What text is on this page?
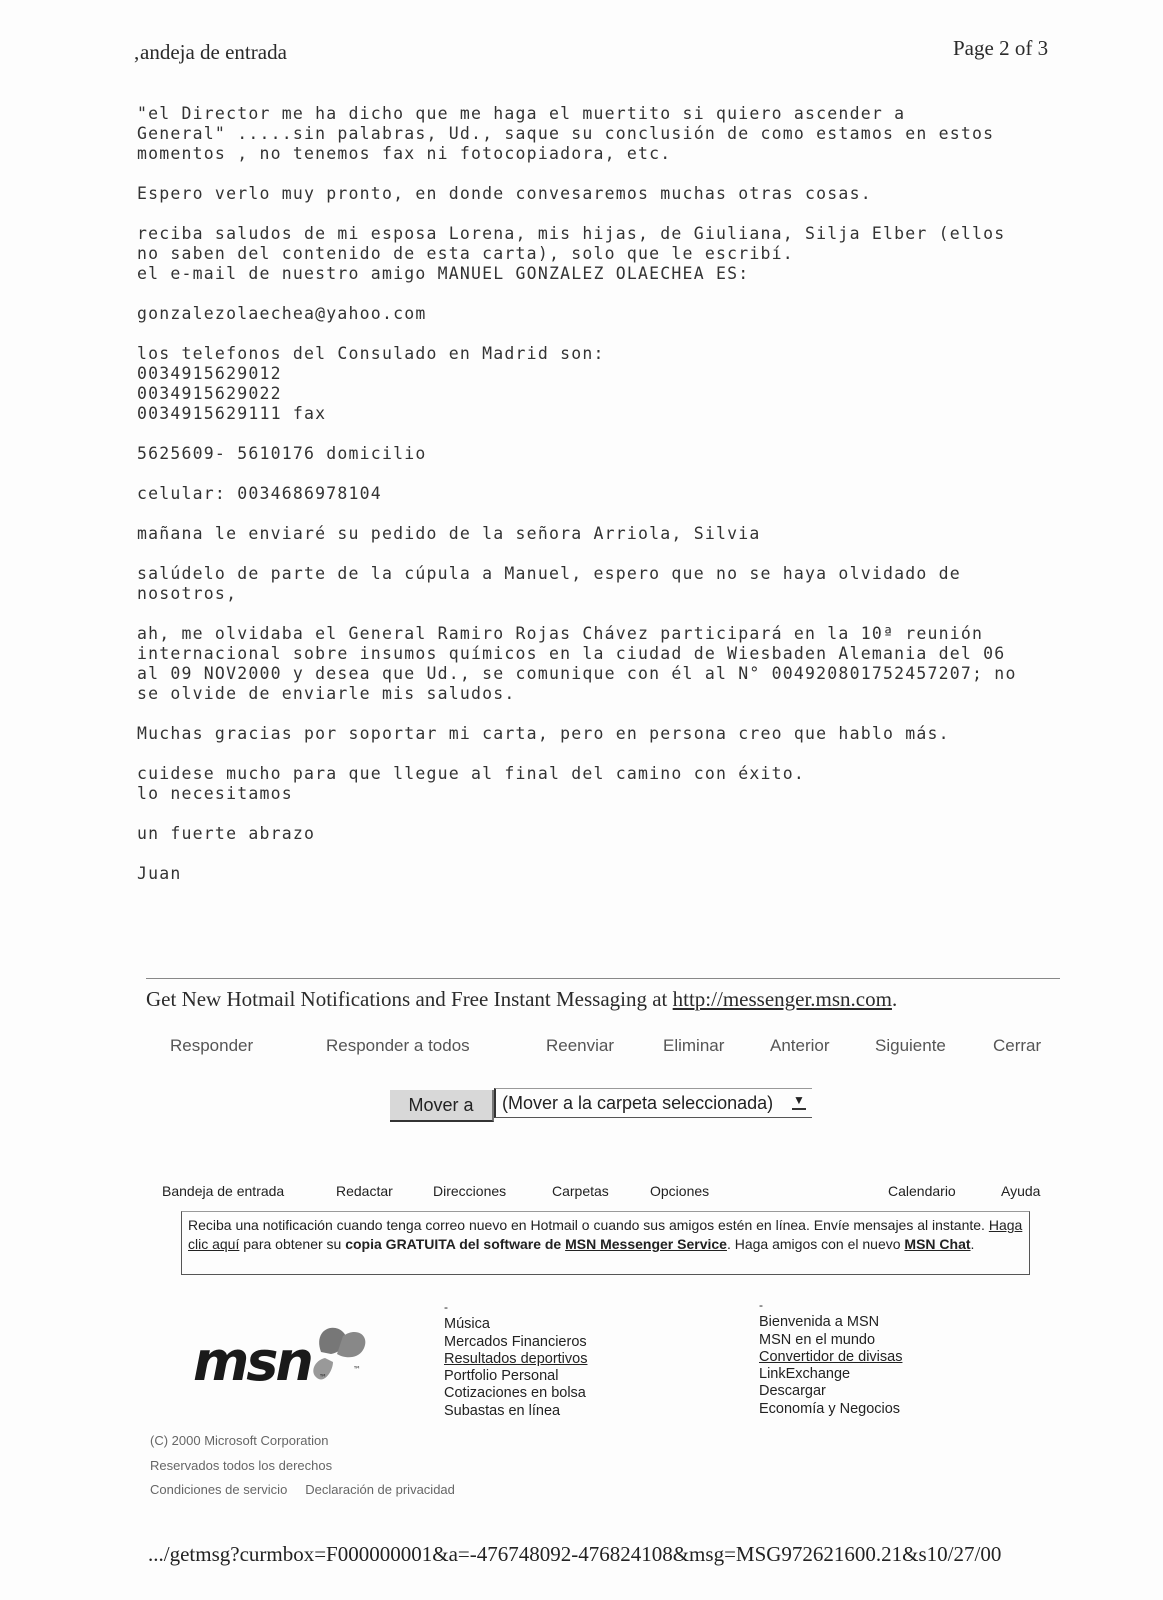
‚andeja de entrada	Page 2 of 3
"el Director me ha dicho que me haga el muertito si quiero ascender a
General" .....sin palabras, Ud., saque su conclusión de como estamos en estos
momentos , no tenemos fax ni fotocopiadora, etc.
Espero verlo muy pronto, en donde convesaremos muchas otras cosas.
reciba saludos de mi esposa Lorena, mis hijas, de Giuliana, Silja Elber (ellos
no saben del contenido de esta carta), solo que le escribí.
el e-mail de nuestro amigo MANUEL GONZALEZ OLAECHEA ES:
gonzalezolaechea@yahoo.com
los telefonos del Consulado en Madrid son:
0034915629012
0034915629022
0034915629111 fax
5625609- 5610176 domicilio
celular: 0034686978104
mañana le enviaré su pedido de la señora Arriola, Silvia
salúdelo de parte de la cúpula a Manuel, espero que no se haya olvidado de
nosotros,
ah, me olvidaba el General Ramiro Rojas Chávez participará en la 10ª reunión
internacional sobre insumos químicos en la ciudad de Wiesbaden Alemania del 06
al 09 NOV2000 y desea que Ud., se comunique con él al N° 004920801752457207; no
se olvide de enviarle mis saludos.
Muchas gracias por soportar mi carta, pero en persona creo que hablo más.
cuidese mucho para que llegue al final del camino con éxito.
lo necesitamos
un fuerte abrazo
Juan
Get New Hotmail Notifications and Free Instant Messaging at http://messenger.msn.com.
Responder	Responder a todos	Reenviar	Eliminar	Anterior	Siguiente	Cerrar
Mover a	(Mover a la carpeta seleccionada) ▼
Bandeja de entrada	Redactar	Direcciones	Carpetas	Opciones	Calendario	Ayuda
Reciba una notificación cuando tenga correo nuevo en Hotmail o cuando sus amigos estén en línea. Envíe mensajes al instante. Haga clic aquí para obtener su copia GRATUITA del software de MSN Messenger Service. Haga amigos con el nuevo MSN Chat.
msn ™
™
-
Música
Mercados Financieros
Resultados deportivos
Portfolio Personal
Cotizaciones en bolsa
Subastas en línea
-
Bienvenida a MSN
MSN en el mundo
Convertidor de divisas
LinkExchange
Descargar
Economía y Negocios
(C) 2000 Microsoft Corporation
Reservados todos los derechos
Condiciones de servicio Declaración de privacidad
.../getmsg?curmbox=F000000001&a=-476748092-476824108&msg=MSG972621600.21&s10/27/00
